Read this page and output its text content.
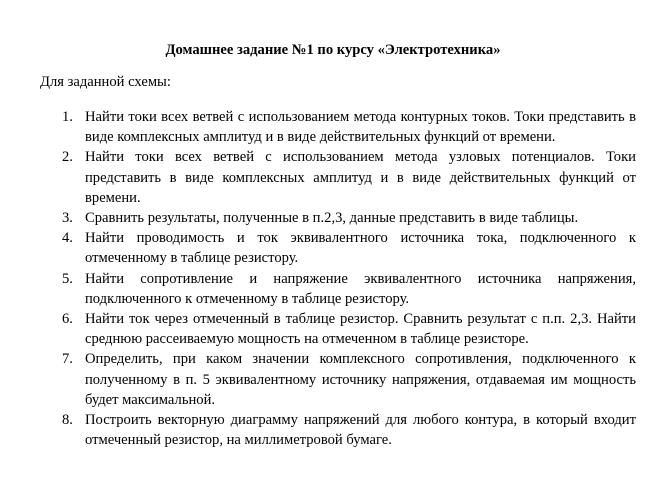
Домашнее задание №1 по курсу «Электротехника»

Для заданной схемы:

1. Найти токи всех ветвей с использованием метода контурных токов. Токи представить в виде комплексных амплитуд и в виде действительных функций от времени.
2. Найти токи всех ветвей с использованием метода узловых потенциалов. Токи представить в виде комплексных амплитуд и в виде действительных функций от времени.
3. Сравнить результаты, полученные в п.2,3, данные представить в виде таблицы.
4. Найти проводимость и ток эквивалентного источника тока, подключенного к отмеченному в таблице резистору.
5. Найти сопротивление и напряжение эквивалентного источника напряжения, подключенного к отмеченному в таблице резистору.
6. Найти ток через отмеченный в таблице резистор. Сравнить результат с п.п. 2,3. Найти среднюю рассеиваемую мощность на отмеченном в таблице резисторе.
7. Определить, при каком значении комплексного сопротивления, подключенного к полученному в п. 5 эквивалентному источнику напряжения, отдаваемая им мощность будет максимальной.
8. Построить векторную диаграмму напряжений для любого контура, в который входит отмеченный резистор, на миллиметровой бумаге.
